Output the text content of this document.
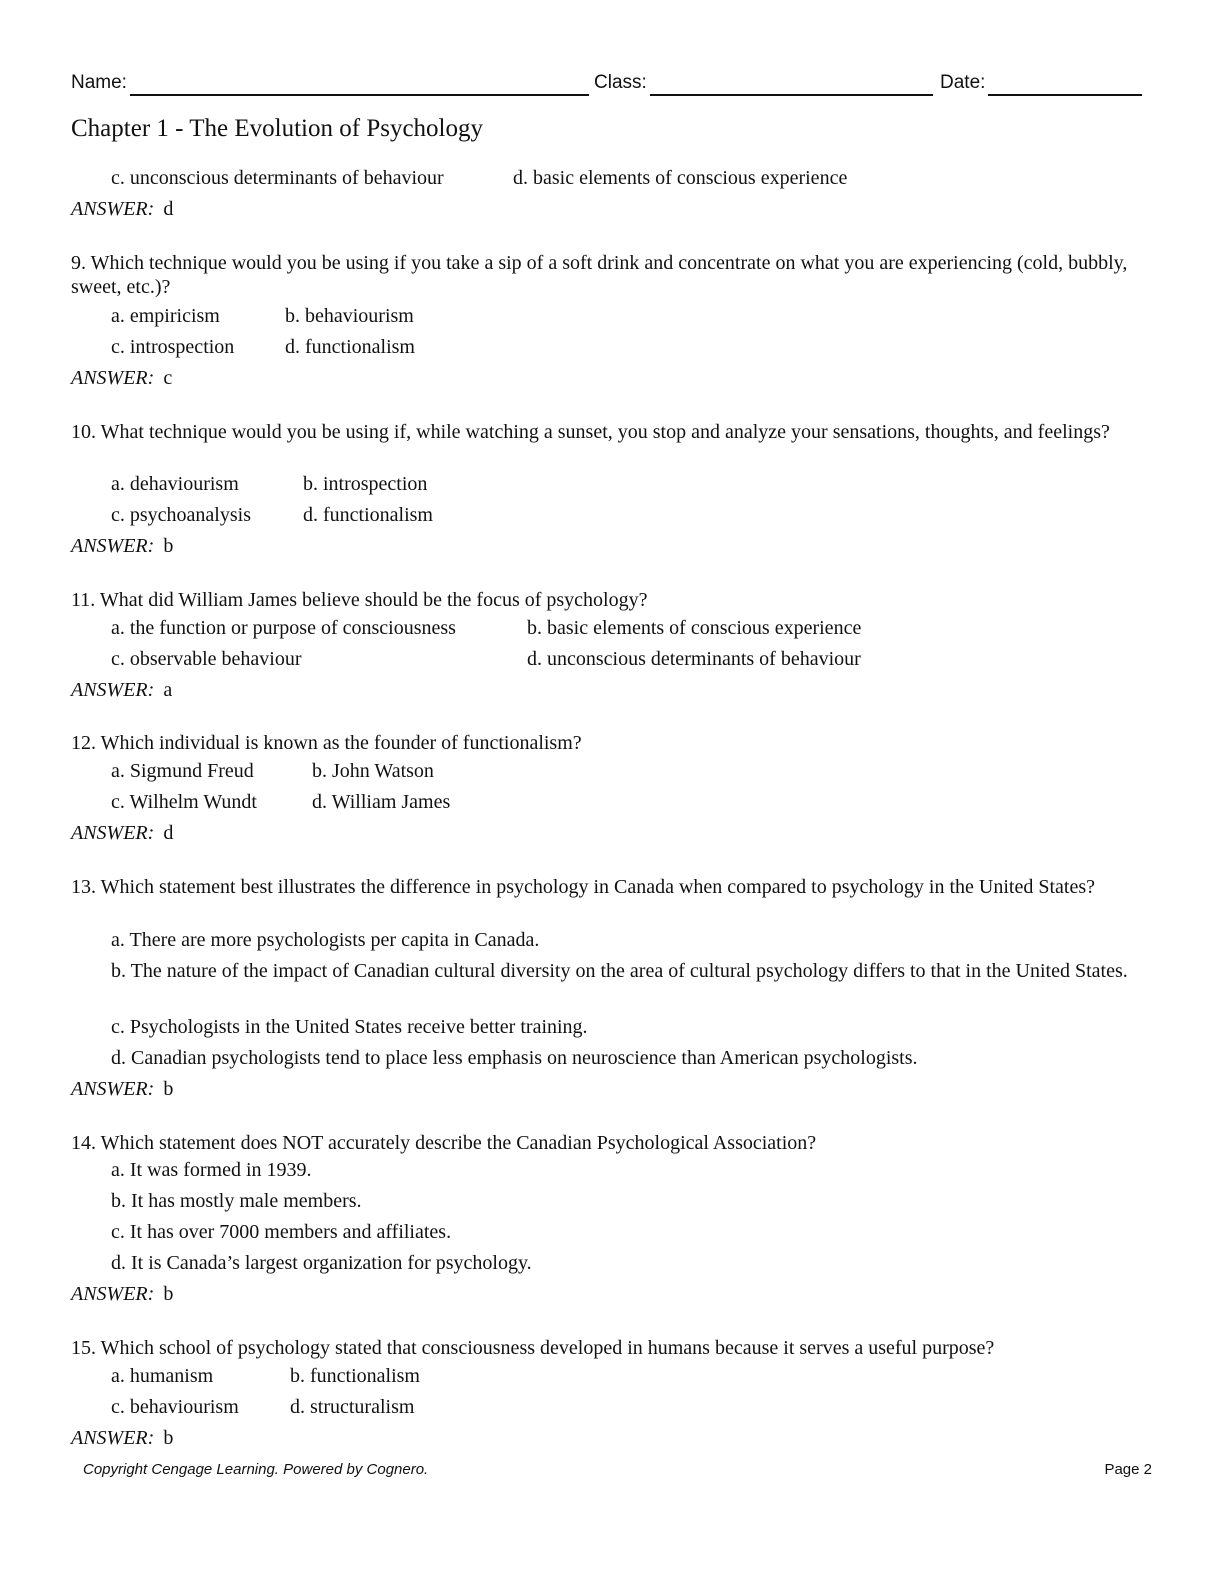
Name:	Class:	Date:
Chapter 1 - The Evolution of Psychology
c. unconscious determinants of behaviour	d. basic elements of conscious experience
ANSWER: d
9. Which technique would you be using if you take a sip of a soft drink and concentrate on what you are experiencing (cold, bubbly, sweet, etc.)?
a. empiricism	b. behaviourism
c. introspection	d. functionalism
ANSWER: c
10. What technique would you be using if, while watching a sunset, you stop and analyze your sensations, thoughts, and feelings?
a. dehaviourism	b. introspection
c. psychoanalysis	d. functionalism
ANSWER: b
11. What did William James believe should be the focus of psychology?
a. the function or purpose of consciousness	b. basic elements of conscious experience
c. observable behaviour	d. unconscious determinants of behaviour
ANSWER: a
12. Which individual is known as the founder of functionalism?
a. Sigmund Freud	b. John Watson
c. Wilhelm Wundt	d. William James
ANSWER: d
13. Which statement best illustrates the difference in psychology in Canada when compared to psychology in the United States?
a. There are more psychologists per capita in Canada.
b. The nature of the impact of Canadian cultural diversity on the area of cultural psychology differs to that in the United States.
c. Psychologists in the United States receive better training.
d. Canadian psychologists tend to place less emphasis on neuroscience than American psychologists.
ANSWER: b
14. Which statement does NOT accurately describe the Canadian Psychological Association?
a. It was formed in 1939.
b. It has mostly male members.
c. It has over 7000 members and affiliates.
d. It is Canada’s largest organization for psychology.
ANSWER: b
15. Which school of psychology stated that consciousness developed in humans because it serves a useful purpose?
a. humanism	b. functionalism
c. behaviourism	d. structuralism
ANSWER: b
Copyright Cengage Learning. Powered by Cognero.	Page 2
